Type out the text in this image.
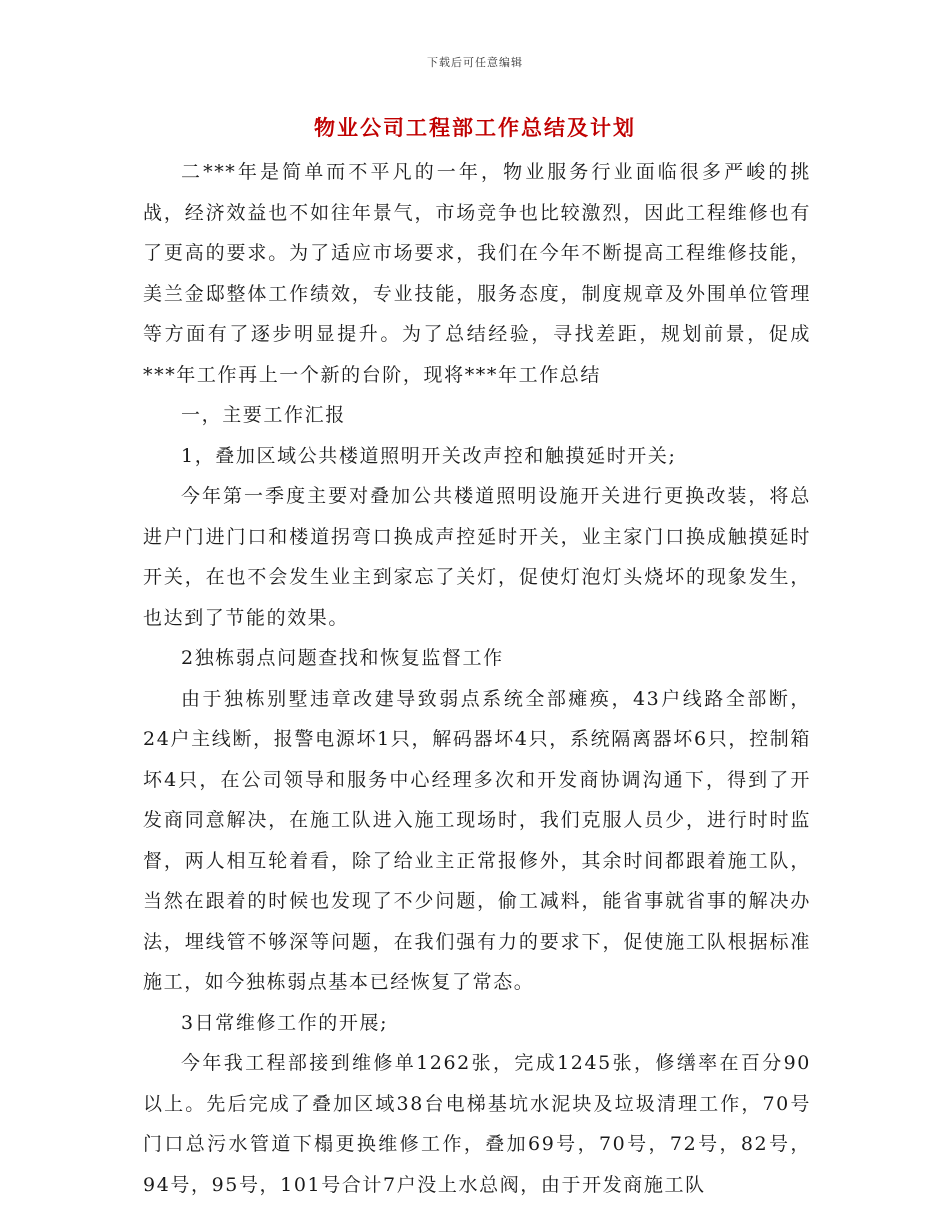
下载后可任意编辑
物业公司工程部工作总结及计划

二***年是简单而不平凡的一年，物业服务行业面临很多严峻的挑战，经济效益也不如往年景气，市场竞争也比较激烈，因此工程维修也有了更高的要求。为了适应市场要求，我们在今年不断提高工程维修技能，美兰金邸整体工作绩效，专业技能，服务态度，制度规章及外围单位管理等方面有了逐步明显提升。为了总结经验，寻找差距，规划前景，促成***年工作再上一个新的台阶，现将***年工作总结

一，主要工作汇报

1，叠加区域公共楼道照明开关改声控和触摸延时开关;

今年第一季度主要对叠加公共楼道照明设施开关进行更换改装，将总进户门进门口和楼道拐弯口换成声控延时开关，业主家门口换成触摸延时开关，在也不会发生业主到家忘了关灯，促使灯泡灯头烧坏的现象发生，也达到了节能的效果。

2独栋弱点问题查找和恢复监督工作

由于独栋别墅违章改建导致弱点系统全部瘫痪，43户线路全部断，24户主线断，报警电源坏1只，解码器坏4只，系统隔离器坏6只，控制箱坏4只，在公司领导和服务中心经理多次和开发商协调沟通下，得到了开发商同意解决，在施工队进入施工现场时，我们克服人员少，进行时时监督，两人相互轮着看，除了给业主正常报修外，其余时间都跟着施工队，当然在跟着的时候也发现了不少问题，偷工减料，能省事就省事的解决办法，埋线管不够深等问题，在我们强有力的要求下，促使施工队根据标准施工，如今独栋弱点基本已经恢复了常态。

3日常维修工作的开展;

今年我工程部接到维修单1262张，完成1245张，修缮率在百分90以上。先后完成了叠加区域38台电梯基坑水泥块及垃圾清理工作，70号门口总污水管道下榻更换维修工作，叠加69号，70号，72号，82号，94号，95号，101号合计7户没上水总阀，由于开发商施工队
